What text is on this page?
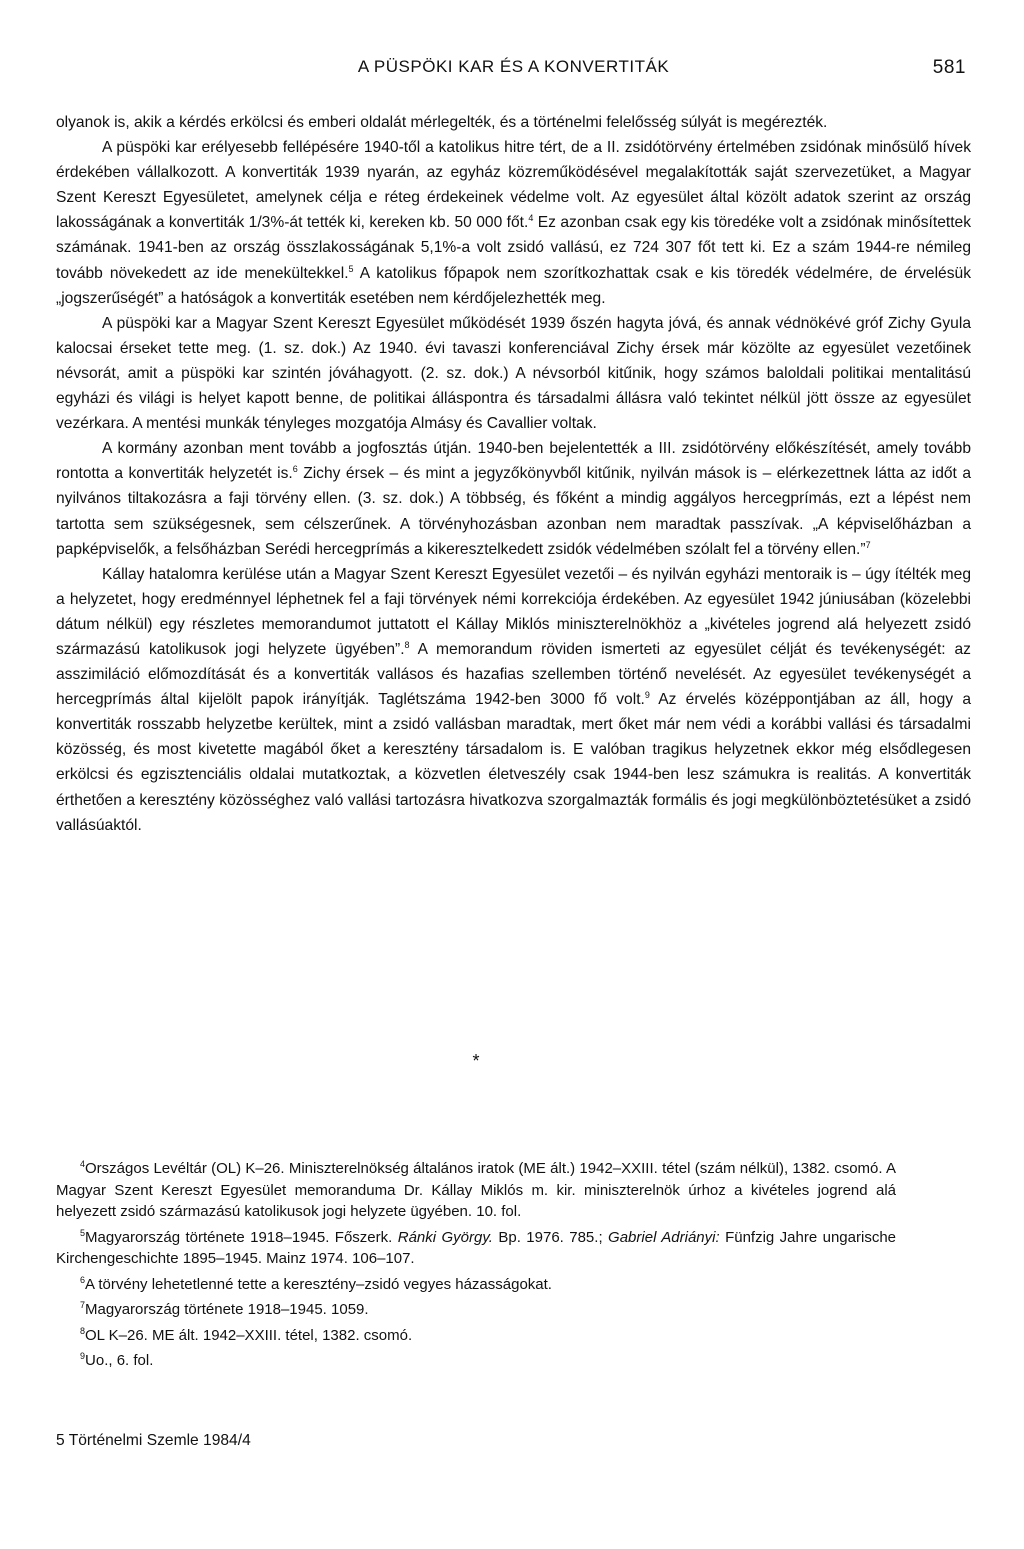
A PÜSPÖKI KAR ÉS A KONVERTITÁK	581

olyanok is, akik a kérdés erkölcsi és emberi oldalát mérlegelték, és a történelmi felelősség súlyát is megérezték.

A püspöki kar erélyesebb fellépésére 1940-től a katolikus hitre tért, de a II. zsidótörvény értelmében zsidónak minősülő hívek érdekében vállalkozott. A konvertiták 1939 nyarán, az egyház közreműködésével megalakították saját szervezetüket, a Magyar Szent Kereszt Egyesületet, amelynek célja e réteg érdekeinek védelme volt. Az egyesület által közölt adatok szerint az ország lakosságának a konvertiták 1/3%-át tették ki, kereken kb. 50 000 főt.$^4$ Ez azonban csak egy kis töredéke volt a zsidónak minősítettek számának. 1941-ben az ország összlakosságának 5,1%-a volt zsidó vallású, ez 724 307 főt tett ki. Ez a szám 1944-re némileg tovább növekedett az ide menekültekkel.$^5$ A katolikus főpapok nem szorítkozhattak csak e kis töredék védelmére, de érvelésük „jogszerűségét” a hatóságok a konvertiták esetében nem kérdőjelezhették meg.

A püspöki kar a Magyar Szent Kereszt Egyesület működését 1939 őszén hagyta jóvá, és annak védnökévé gróf Zichy Gyula kalocsai érseket tette meg. (1. sz. dok.) Az 1940. évi tavaszi konferenciával Zichy érsek már közölte az egyesület vezetőinek névsorát, amit a püspöki kar szintén jóváhagyott. (2. sz. dok.) A névsorból kitűnik, hogy számos baloldali politikai mentalitású egyházi és világi is helyet kapott benne, de politikai álláspontra és társadalmi állásra való tekintet nélkül jött össze az egyesület vezérkara. A mentési munkák tényleges mozgatója Almásy és Cavallier voltak.

A kormány azonban ment tovább a jogfosztás útján. 1940-ben bejelentették a III. zsidótörvény előkészítését, amely tovább rontotta a konvertiták helyzetét is.$^6$ Zichy érsek – és mint a jegyzőkönyvből kitűnik, nyilván mások is – elérkezettnek látta az időt a nyilvános tiltakozásra a faji törvény ellen. (3. sz. dok.) A többség, és főként a mindig aggályos hercegprímás, ezt a lépést nem tartotta sem szükségesnek, sem célszerűnek. A törvényhozásban azonban nem maradtak passzívak. „A képviselőházban a papképviselők, a felsőházban Serédi hercegprímás a kikeresztelkedett zsidók védelmében szólalt fel a törvény ellen.”$^7$

Kállay hatalomra kerülése után a Magyar Szent Kereszt Egyesület vezetői – és nyilván egyházi mentoraik is – úgy ítélték meg a helyzetet, hogy eredménnyel léphetnek fel a faji törvények némi korrekciója érdekében. Az egyesület 1942 júniusában (közelebbi dátum nélkül) egy részletes memorandumot juttatott el Kállay Miklós miniszterelnökhöz a „kivételes jogrend alá helyezett zsidó származású katolikusok jogi helyzete ügyében”.$^8$ A memorandum röviden ismerteti az egyesület célját és tevékenységét: az asszimiláció előmozdítását és a konvertiták vallásos és hazafias szellemben történő nevelését. Az egyesület tevékenységét a hercegprímás által kijelölt papok irányítják. Taglétszáma 1942-ben 3000 fő volt.$^9$ Az érvelés középpontjában az áll, hogy a konvertiták rosszabb helyzetbe kerültek, mint a zsidó vallásban maradtak, mert őket már nem védi a korábbi vallási és társadalmi közösség, és most kivetette magából őket a keresztény társadalom is. E valóban tragikus helyzetnek ekkor még elsődlegesen erkölcsi és egzisztenciális oldalai mutatkoztak, a közvetlen életveszély csak 1944-ben lesz számukra is realitás. A konvertiták érthetően a keresztény közösséghez való vallási tartozásra hivatkozva szorgalmazták formális és jogi megkülönböztetésüket a zsidó vallásúaktól.

*

$^4$Országos Levéltár (OL) K–26. Miniszterelnökség általános iratok (ME ált.) 1942–XXIII. tétel (szám nélkül), 1382. csomó. A Magyar Szent Kereszt Egyesület memoranduma Dr. Kállay Miklós m. kir. miniszterelnök úrhoz a kivételes jogrend alá helyezett zsidó származású katolikusok jogi helyzete ügyében. 10. fol.

$^5$Magyarország története 1918–1945. Főszerk. Ránki György. Bp. 1976. 785.; Gabriel Adriányi: Fünfzig Jahre ungarische Kirchengeschichte 1895–1945. Mainz 1974. 106–107.

$^6$A törvény lehetetlenné tette a keresztény–zsidó vegyes házasságokat.

$^7$Magyarország története 1918–1945. 1059.

$^8$OL K–26. ME ált. 1942–XXIII. tétel, 1382. csomó.

$^9$Uo., 6. fol.

5 Történelmi Szemle 1984/4
